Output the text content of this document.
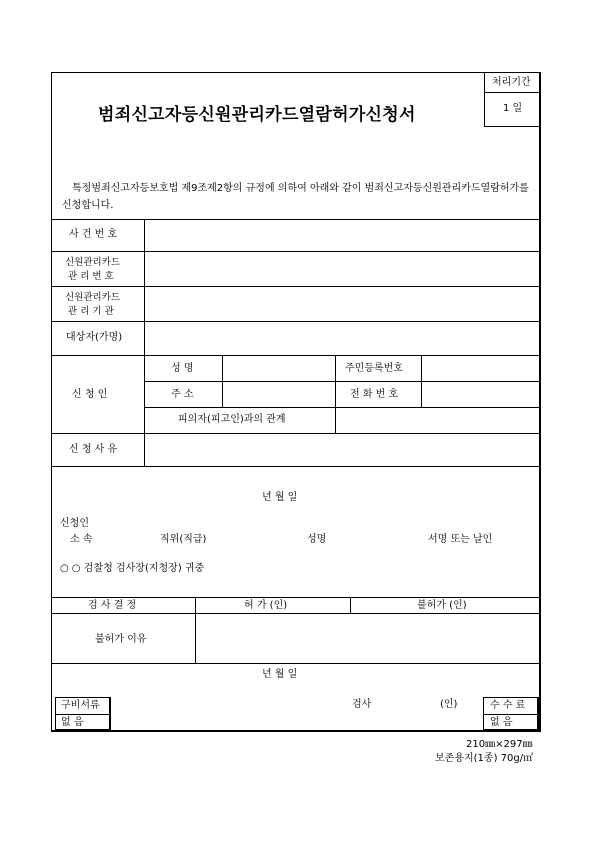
처리기간
1 일
범죄신고자등신원관리카드열람허가신청서
특정범죄신고자등보호법 제9조제2항의 규정에 의하여 아래와 같이 범죄신고자등신원관리카드열람허가를 신청합니다.
사 건 번 호
신원관리카드
관 리 번 호
신원관리카드
관 리 기 관
대상자(가명)
신 청 인
성 명	주민등록번호
주 소	전 화 번 호
피의자(피고인)과의 관계
신 청 사 유
년 월 일
신청인
소 속	직위(직급)	성명	서명 또는 날인
○ ○ 검찰청 검사장(지청장) 귀중
검 사 결 정	허 가 (인)	불허가 (인)
불허가 이유
년 월 일
검사	(인)
구비서류
없 음
수 수 료
없 음
210㎜×297㎜
보존용지(1종) 70g/㎡
